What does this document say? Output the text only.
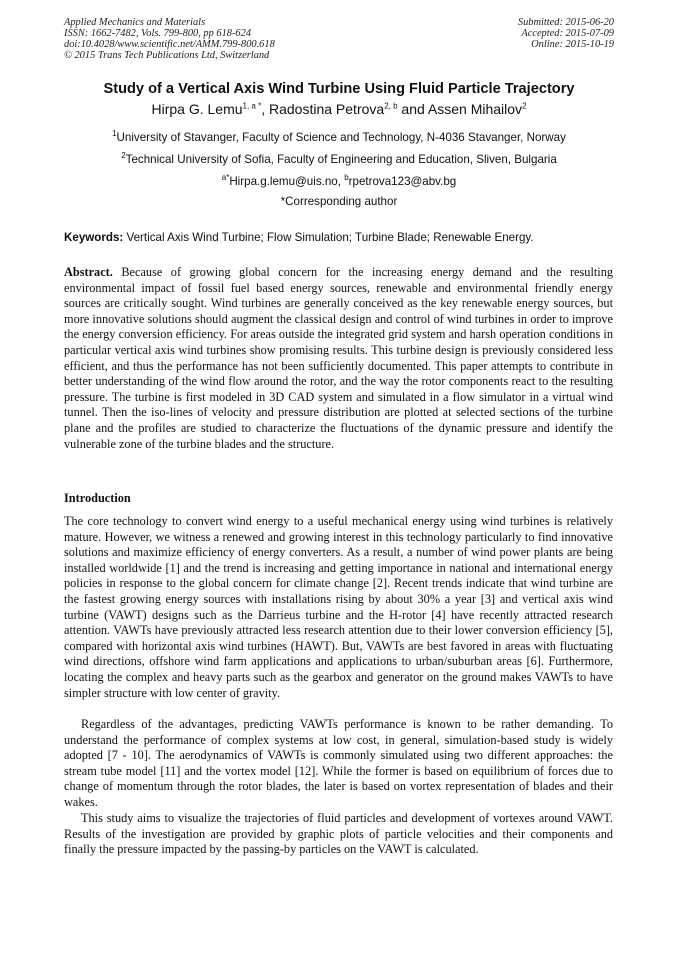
Applied Mechanics and Materials
ISSN: 1662-7482, Vols. 799-800, pp 618-624
doi:10.4028/www.scientific.net/AMM.799-800.618
© 2015 Trans Tech Publications Ltd, Switzerland
Submitted: 2015-06-20
Accepted: 2015-07-09
Online: 2015-10-19
Study of a Vertical Axis Wind Turbine Using Fluid Particle Trajectory
Hirpa G. Lemu$^{1, a *}$, Radostina Petrova$^{2, b}$ and Assen Mihailov$^2$
$^1$University of Stavanger, Faculty of Science and Technology, N-4036 Stavanger, Norway
$^2$Technical University of Sofia, Faculty of Engineering and Education, Sliven, Bulgaria
$^{a*}$Hirpa.g.lemu@uis.no, $^b$rpetrova123@abv.bg
*Corresponding author
Keywords: Vertical Axis Wind Turbine; Flow Simulation; Turbine Blade; Renewable Energy.

Abstract. Because of growing global concern for the increasing energy demand and the resulting environmental impact of fossil fuel based energy sources, renewable and environmental friendly energy sources are critically sought. Wind turbines are generally conceived as the key renewable energy sources, but more innovative solutions should augment the classical design and control of wind turbines in order to improve the energy conversion efficiency. For areas outside the integrated grid system and harsh operation conditions in particular vertical axis wind turbines show promising results. This turbine design is previously considered less efficient, and thus the performance has not been sufficiently documented. This paper attempts to contribute in better understanding of the wind flow around the rotor, and the way the rotor components react to the resulting pressure. The turbine is first modeled in 3D CAD system and simulated in a flow simulator in a virtual wind tunnel. Then the iso-lines of velocity and pressure distribution are plotted at selected sections of the turbine plane and the profiles are studied to characterize the fluctuations of the dynamic pressure and identify the vulnerable zone of the turbine blades and the structure.

Introduction

The core technology to convert wind energy to a useful mechanical energy using wind turbines is relatively mature. However, we witness a renewed and growing interest in this technology particularly to find innovative solutions and maximize efficiency of energy converters. As a result, a number of wind power plants are being installed worldwide [1] and the trend is increasing and getting importance in national and international energy policies in response to the global concern for climate change [2]. Recent trends indicate that wind turbine are the fastest growing energy sources with installations rising by about 30% a year [3] and vertical axis wind turbine (VAWT) designs such as the Darrieus turbine and the H-rotor [4] have recently attracted research attention. VAWTs have previously attracted less research attention due to their lower conversion efficiency [5], compared with horizontal axis wind turbines (HAWT). But, VAWTs are best favored in areas with fluctuating wind directions, offshore wind farm applications and applications to urban/suburban areas [6]. Furthermore, locating the complex and heavy parts such as the gearbox and generator on the ground makes VAWTs to have simpler structure with low center of gravity.

Regardless of the advantages, predicting VAWTs performance is known to be rather demanding. To understand the performance of complex systems at low cost, in general, simulation-based study is widely adopted [7 - 10]. The aerodynamics of VAWTs is commonly simulated using two different approaches: the stream tube model [11] and the vortex model [12]. While the former is based on equilibrium of forces due to change of momentum through the rotor blades, the later is based on vortex representation of blades and their wakes.

This study aims to visualize the trajectories of fluid particles and development of vortexes around VAWT. Results of the investigation are provided by graphic plots of particle velocities and their components and finally the pressure impacted by the passing-by particles on the VAWT is calculated.
